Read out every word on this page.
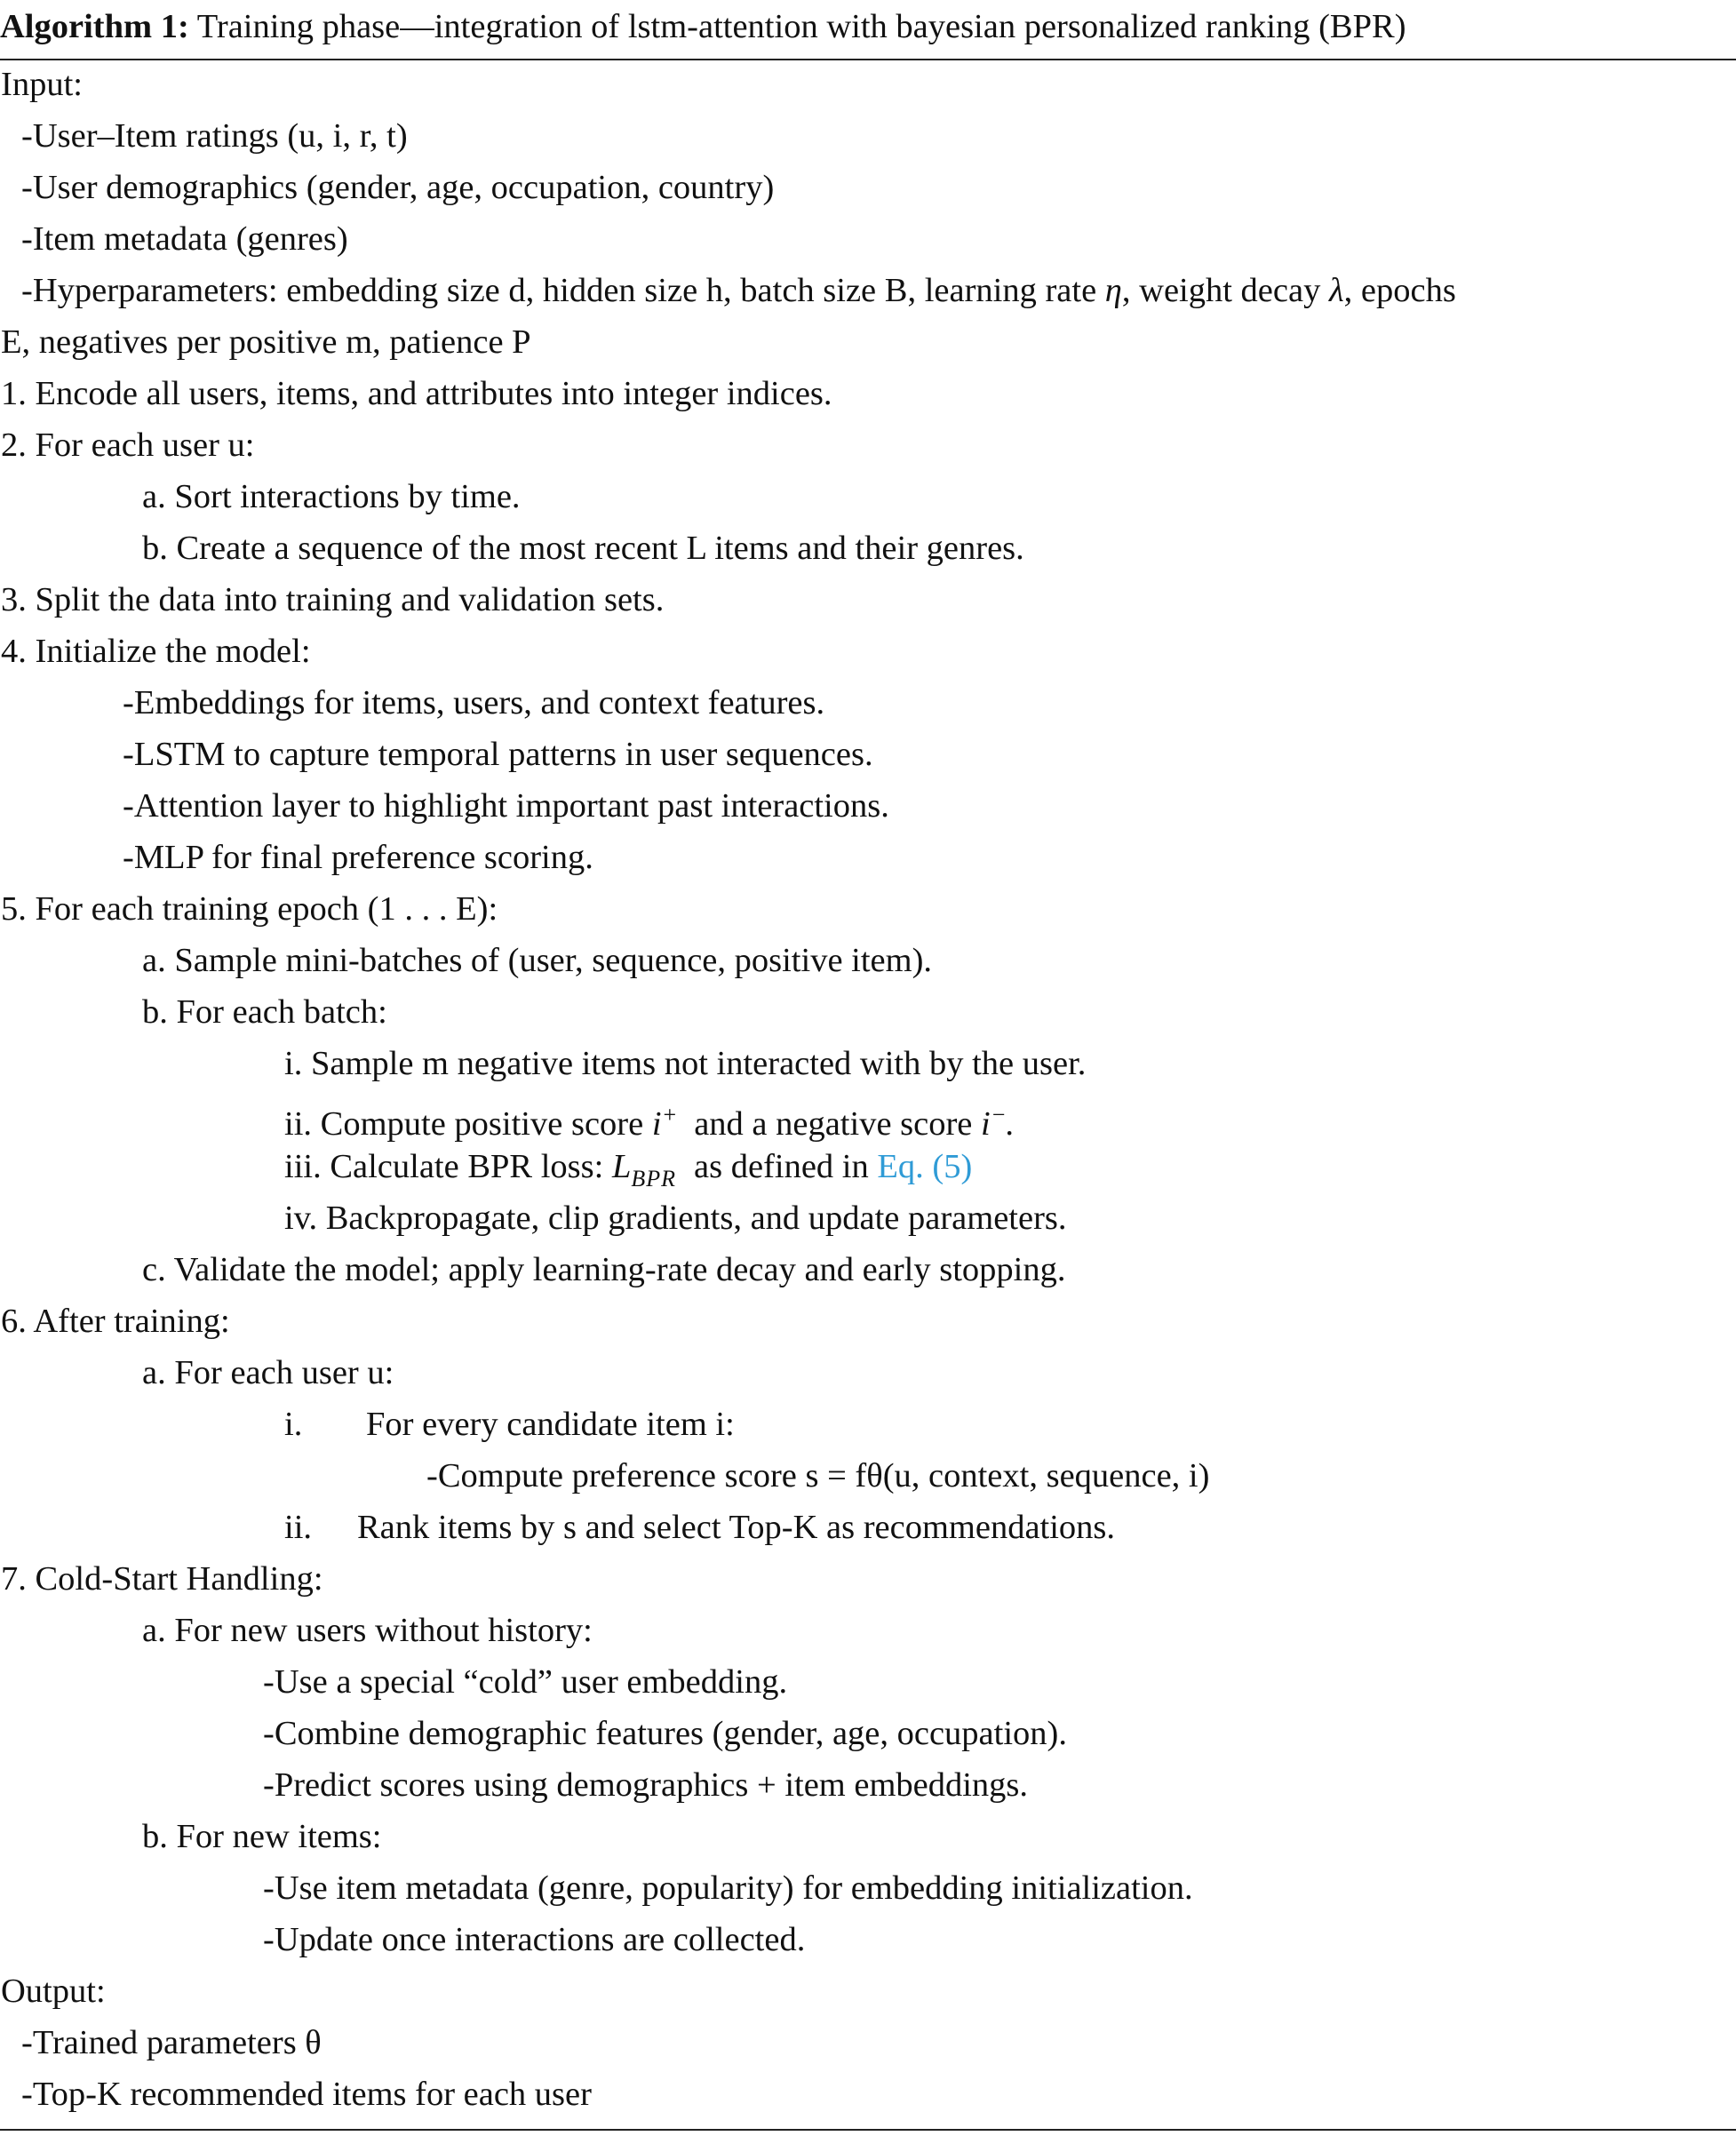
Algorithm 1: Training phase—integration of lstm-attention with bayesian personalized ranking (BPR)
Input:
-User–Item ratings (u, i, r, t)
-User demographics (gender, age, occupation, country)
-Item metadata (genres)
-Hyperparameters: embedding size d, hidden size h, batch size B, learning rate η, weight decay λ, epochs
E, negatives per positive m, patience P
1. Encode all users, items, and attributes into integer indices.
2. For each user u:
a. Sort interactions by time.
b. Create a sequence of the most recent L items and their genres.
3. Split the data into training and validation sets.
4. Initialize the model:
-Embeddings for items, users, and context features.
-LSTM to capture temporal patterns in user sequences.
-Attention layer to highlight important past interactions.
-MLP for final preference scoring.
5. For each training epoch (1 . . . E):
a. Sample mini-batches of (user, sequence, positive item).
b. For each batch:
i. Sample m negative items not interacted with by the user.
ii. Compute positive score i+ and a negative score i−.
iii. Calculate BPR loss: $L_{BPR}$ as defined in Eq. (5)
iv. Backpropagate, clip gradients, and update parameters.
c. Validate the model; apply learning-rate decay and early stopping.
6. After training:
a. For each user u:
i. For every candidate item i:
-Compute preference score s = fθ(u, context, sequence, i)
ii. Rank items by s and select Top-K as recommendations.
7. Cold-Start Handling:
a. For new users without history:
-Use a special “cold” user embedding.
-Combine demographic features (gender, age, occupation).
-Predict scores using demographics + item embeddings.
b. For new items:
-Use item metadata (genre, popularity) for embedding initialization.
-Update once interactions are collected.
Output:
-Trained parameters θ
-Top-K recommended items for each user
